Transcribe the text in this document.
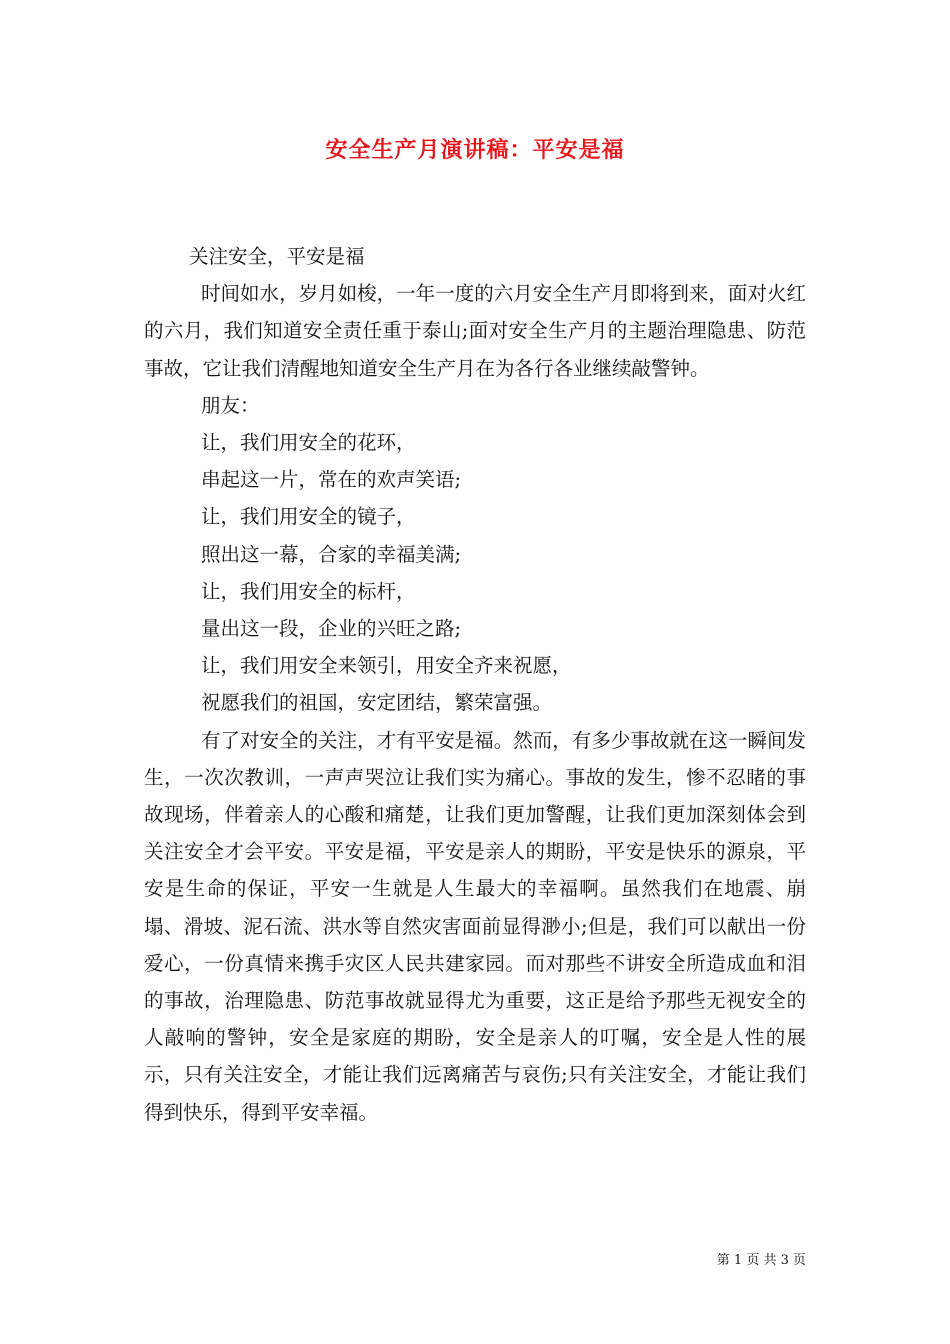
安全生产月演讲稿：平安是福

关注安全，平安是福

时间如水，岁月如梭，一年一度的六月安全生产月即将到来，面对火红的六月，我们知道安全责任重于泰山;面对安全生产月的主题治理隐患、防范事故，它让我们清醒地知道安全生产月在为各行各业继续敲警钟。

朋友：

让，我们用安全的花环，

串起这一片，常在的欢声笑语;

让，我们用安全的镜子，

照出这一幕，合家的幸福美满;

让，我们用安全的标杆，

量出这一段，企业的兴旺之路;

让，我们用安全来领引，用安全齐来祝愿，

祝愿我们的祖国，安定团结，繁荣富强。

有了对安全的关注，才有平安是福。然而，有多少事故就在这一瞬间发生，一次次教训，一声声哭泣让我们实为痛心。事故的发生，惨不忍睹的事故现场，伴着亲人的心酸和痛楚，让我们更加警醒，让我们更加深刻体会到关注安全才会平安。平安是福，平安是亲人的期盼，平安是快乐的源泉，平安是生命的保证，平安一生就是人生最大的幸福啊。虽然我们在地震、崩塌、滑坡、泥石流、洪水等自然灾害面前显得渺小;但是，我们可以献出一份爱心，一份真情来携手灾区人民共建家园。而对那些不讲安全所造成血和泪的事故，治理隐患、防范事故就显得尤为重要，这正是给予那些无视安全的人敲响的警钟，安全是家庭的期盼，安全是亲人的叮嘱，安全是人性的展示，只有关注安全，才能让我们远离痛苦与哀伤;只有关注安全，才能让我们得到快乐，得到平安幸福。

第 1 页 共 3 页
